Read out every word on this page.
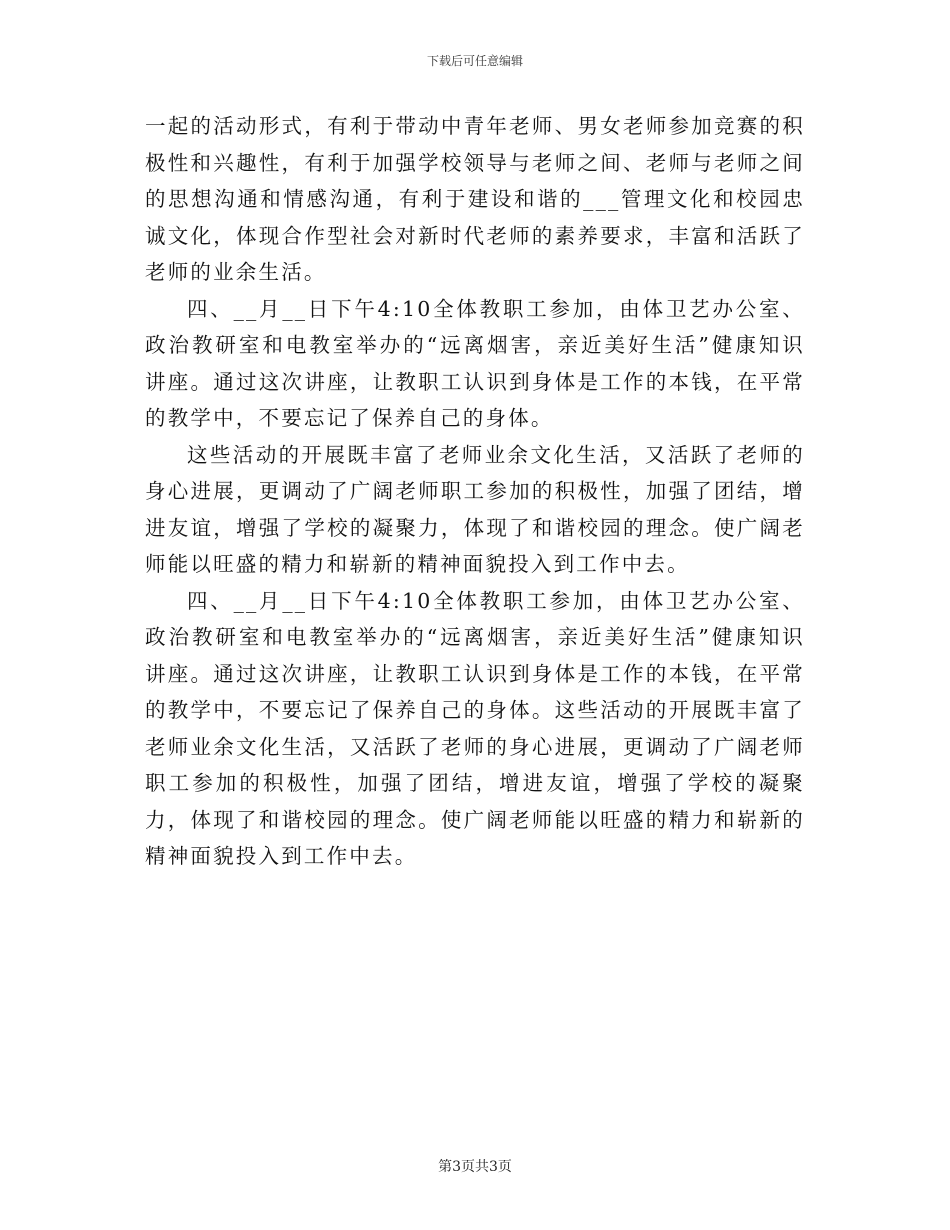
下载后可任意编辑

一起的活动形式，有利于带动中青年老师、男女老师参加竞赛的积极性和兴趣性，有利于加强学校领导与老师之间、老师与老师之间的思想沟通和情感沟通，有利于建设和谐的___管理文化和校园忠诚文化，体现合作型社会对新时代老师的素养要求，丰富和活跃了老师的业余生活。

四、__月__日下午4:10全体教职工参加，由体卫艺办公室、政治教研室和电教室举办的“远离烟害，亲近美好生活”健康知识讲座。通过这次讲座，让教职工认识到身体是工作的本钱，在平常的教学中，不要忘记了保养自己的身体。

这些活动的开展既丰富了老师业余文化生活，又活跃了老师的身心进展，更调动了广阔老师职工参加的积极性，加强了团结，增进友谊，增强了学校的凝聚力，体现了和谐校园的理念。使广阔老师能以旺盛的精力和崭新的精神面貌投入到工作中去。

四、__月__日下午4:10全体教职工参加，由体卫艺办公室、政治教研室和电教室举办的“远离烟害，亲近美好生活”健康知识讲座。通过这次讲座，让教职工认识到身体是工作的本钱，在平常的教学中，不要忘记了保养自己的身体。这些活动的开展既丰富了老师业余文化生活，又活跃了老师的身心进展，更调动了广阔老师职工参加的积极性，加强了团结，增进友谊，增强了学校的凝聚力，体现了和谐校园的理念。使广阔老师能以旺盛的精力和崭新的精神面貌投入到工作中去。

第3页共3页
